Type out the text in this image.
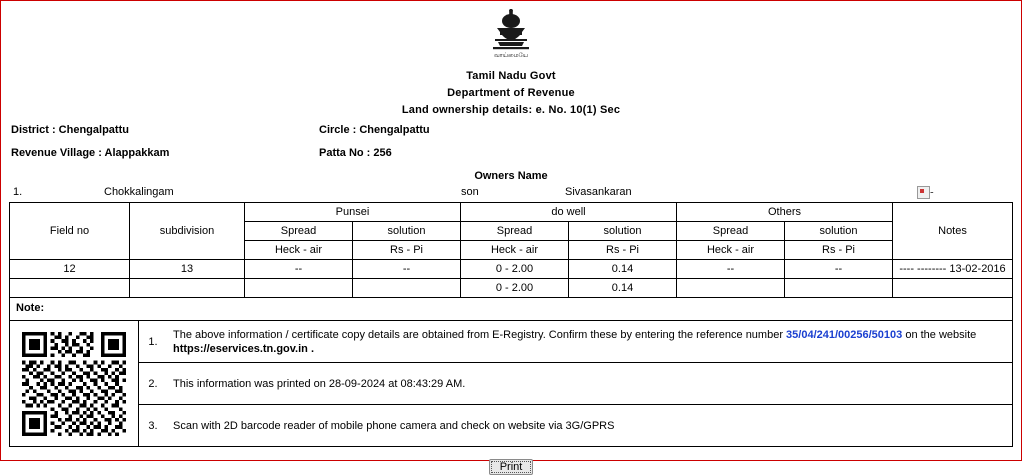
வாய்மையே
Tamil Nadu Govt
Department of Revenue
Land ownership details: e. No. 10(1) Sec
District : Chengalpattu
Revenue Village : Alappakkam
Circle : Chengalpattu
Patta No : 256
Owners Name
1.	Chokkalingam	son	Sivasankaran	-
Field no	subdivision	Punsei		do well		Others		Notes
		Spread	solution	Spread	solution	Spread	solution	
		Heck - air	Rs - Pi	Heck - air	Rs - Pi	Heck - air	Rs - Pi	
12	13	--	--	0 - 2.00	0.14	--	--	---- -------- 13-02-2016
				0 - 2.00	0.14			
Note:
1.
The above information / certificate copy details are obtained from E-Registry. Confirm these by entering the reference number 35/04/241/00256/50103 on the website https://eservices.tn.gov.in .
2.	This information was printed on 28-09-2024 at 08:43:29 AM.
3.	Scan with 2D barcode reader of mobile phone camera and check on website via 3G/GPRS
Print
